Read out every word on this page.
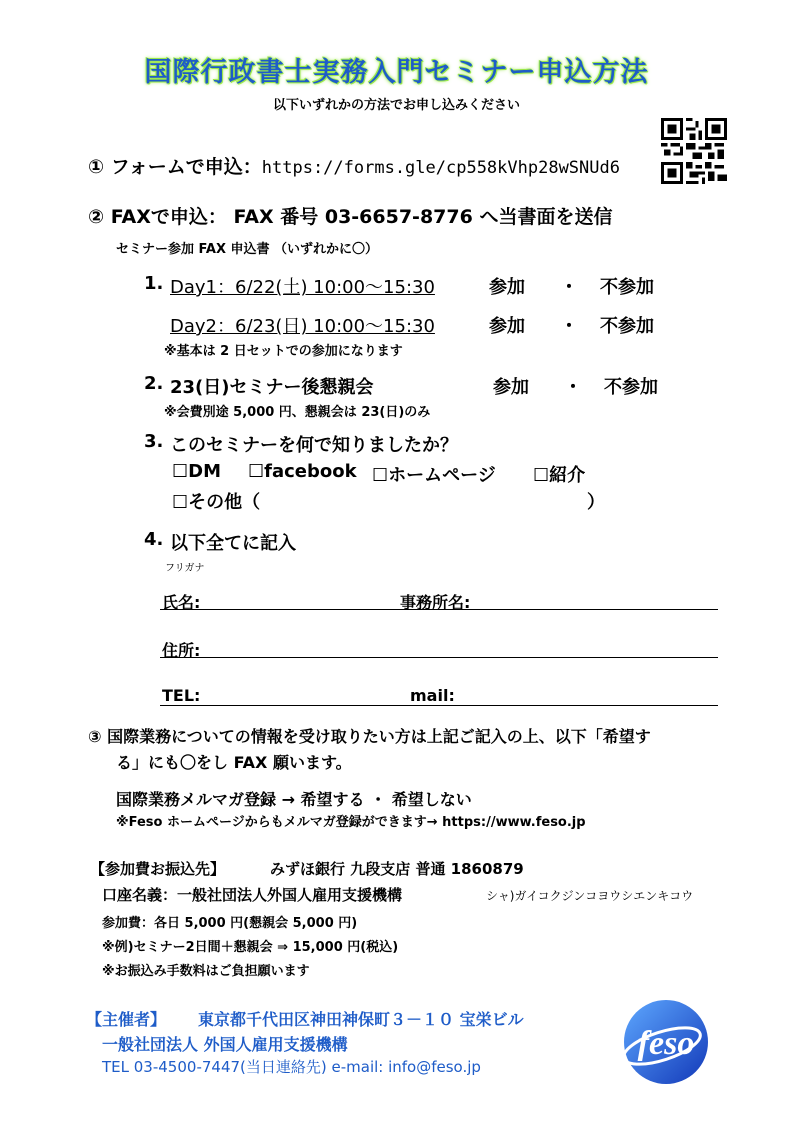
国際行政書士実務入門セミナー申込方法
以下いずれかの方法でお申し込みください
① フォームで申込：https://forms.gle/cp558kVhp28wSNUd6
② FAXで申込： FAX 番号 03-6657-8776 へ当書面を送信
セミナー参加 FAX 申込書 （いずれかに〇）
1. Day1：6/22(土) 10:00～15:30	参加 ・ 不参加
Day2：6/23(日) 10:00～15:30	参加 ・ 不参加
※基本は 2 日セットでの参加になります
2. 23(日)セミナー後懇親会	参加 ・ 不参加
※会費別途 5,000 円、懇親会は 23(日)のみ
3. このセミナーを何で知りましたか？
☐DM ☐facebook ☐ホームページ ☐紹介
☐その他（	）
4. 以下全てに記入
フリガナ
氏名:	事務所名:
住所:
TEL:	mail:
③ 国際業務についての情報を受け取りたい方は上記ご記入の上、以下「希望す
る」にも〇をし FAX 願います。
国際業務メルマガ登録 → 希望する ・ 希望しない
※Feso ホームページからもメルマガ登録ができます→ https://www.feso.jp
【参加費お振込先】	みずほ銀行 九段支店 普通 1860879
口座名義：一般社団法人外国人雇用支援機構	シャ)ガイコクジンコヨウシエンキコウ
参加費：各日 5,000 円(懇親会 5,000 円)
※例)セミナー2日間＋懇親会 ⇒ 15,000 円(税込)
※お振込み手数料はご負担願います
【主催者】 東京都千代田区神田神保町３－１０ 宝栄ビル
一般社団法人 外国人雇用支援機構
TEL 03-4500-7447(当日連絡先) e-mail: info@feso.jp
feso
